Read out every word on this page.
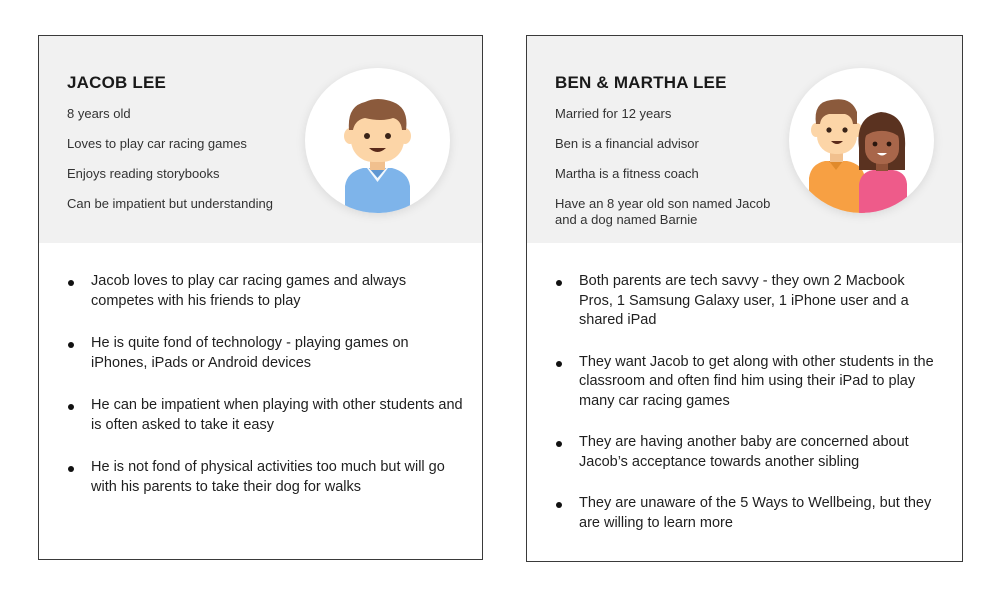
JACOB LEE
8 years old
Loves to play car racing games
Enjoys reading storybooks
Can be impatient but understanding
Jacob loves to play car racing games and always competes with his friends to play
He is quite fond of technology - playing games on iPhones, iPads or Android devices
He can be impatient when playing with other students and is often asked to take it easy
He is not fond of physical activities too much but will go with his parents to take their dog for walks
BEN & MARTHA LEE
Married for 12 years
Ben is a financial advisor
Martha is a fitness coach
Have an 8 year old son named Jacob and a dog named Barnie
Both parents are tech savvy - they own 2 Macbook Pros, 1 Samsung Galaxy user, 1 iPhone user and a shared iPad
They want Jacob to get along with other students in the classroom and often find him using their iPad to play many car racing games
They are having another baby are concerned about Jacob’s acceptance towards another sibling
They are unaware of the 5 Ways to Wellbeing, but they are willing to learn more
